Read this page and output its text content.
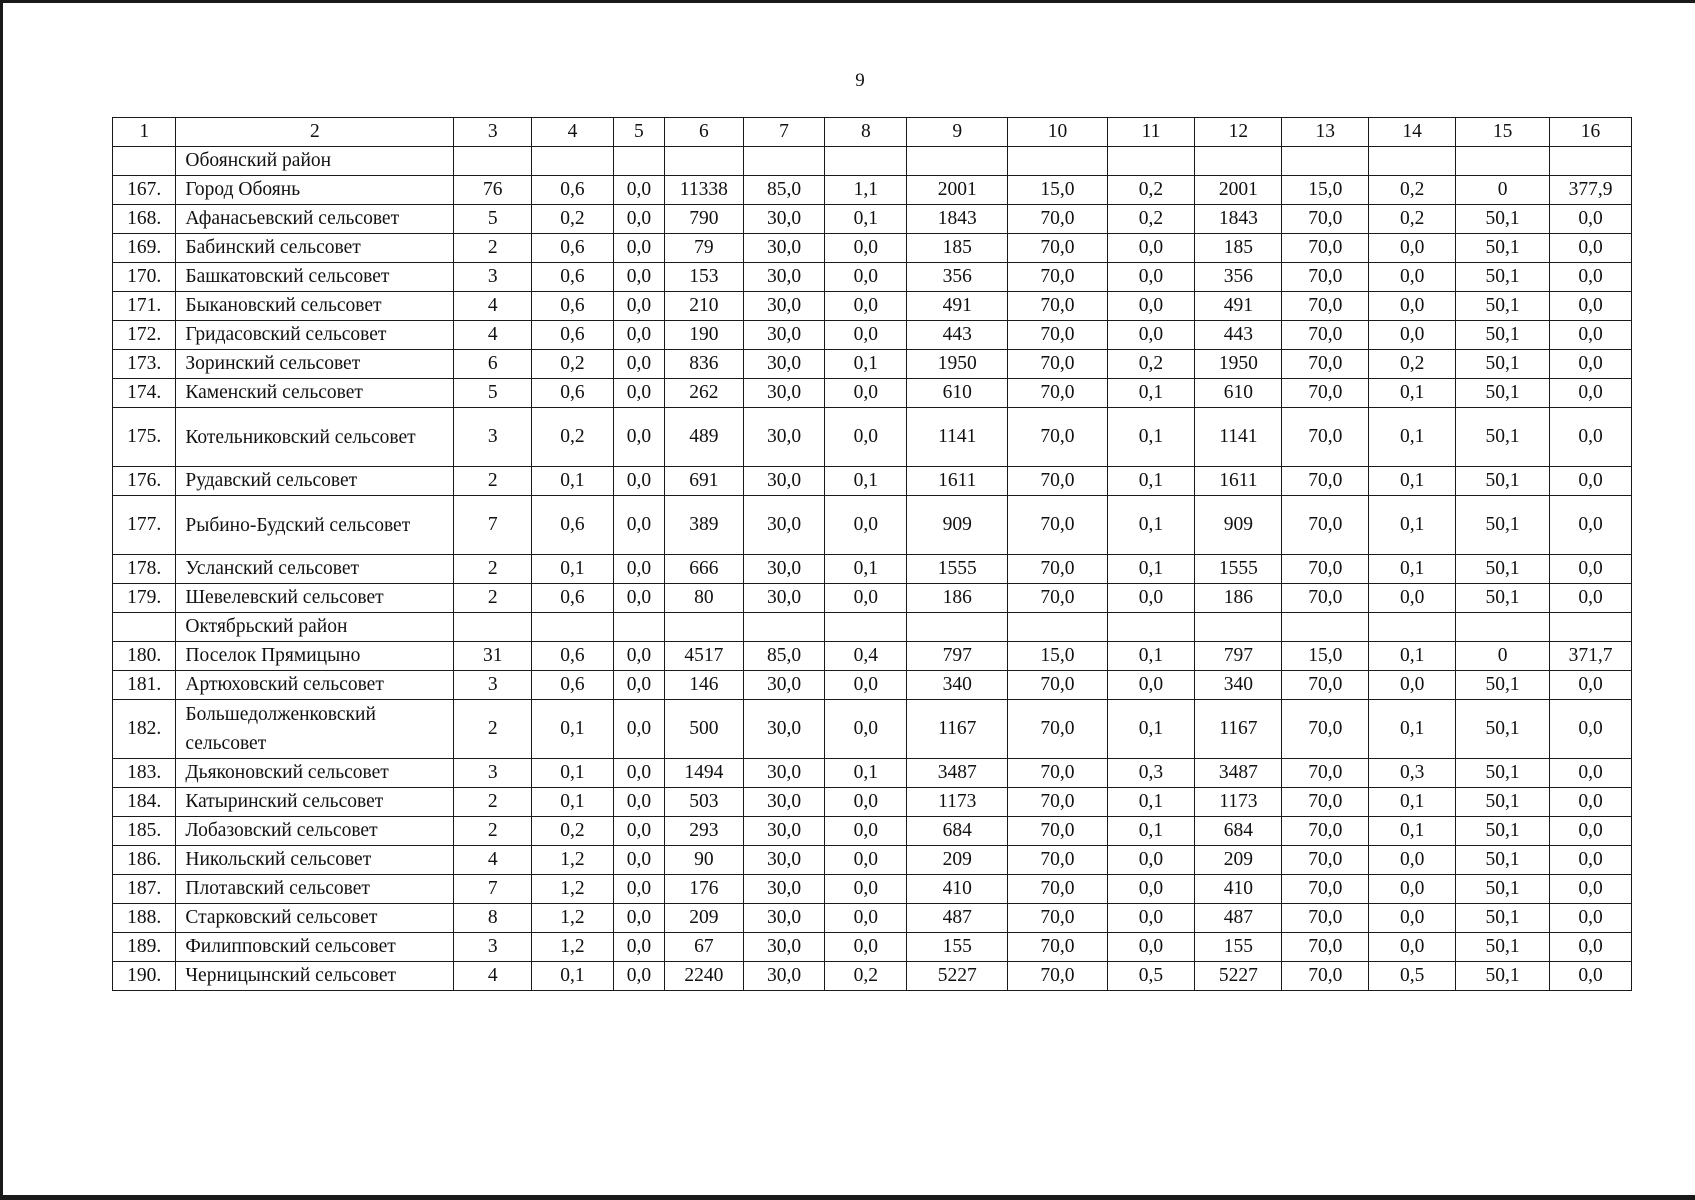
9
1	2	3	4	5	6	7	8	9	10	11	12	13	14	15	16
	Обоянский район														
167.	Город Обоянь	76	0,6	0,0	11338	85,0	1,1	2001	15,0	0,2	2001	15,0	0,2	0	377,9
168.	Афанасьевский сельсовет	5	0,2	0,0	790	30,0	0,1	1843	70,0	0,2	1843	70,0	0,2	50,1	0,0
169.	Бабинский сельсовет	2	0,6	0,0	79	30,0	0,0	185	70,0	0,0	185	70,0	0,0	50,1	0,0
170.	Башкатовский сельсовет	3	0,6	0,0	153	30,0	0,0	356	70,0	0,0	356	70,0	0,0	50,1	0,0
171.	Быкановский сельсовет	4	0,6	0,0	210	30,0	0,0	491	70,0	0,0	491	70,0	0,0	50,1	0,0
172.	Гридасовский сельсовет	4	0,6	0,0	190	30,0	0,0	443	70,0	0,0	443	70,0	0,0	50,1	0,0
173.	Зоринский сельсовет	6	0,2	0,0	836	30,0	0,1	1950	70,0	0,2	1950	70,0	0,2	50,1	0,0
174.	Каменский сельсовет	5	0,6	0,0	262	30,0	0,0	610	70,0	0,1	610	70,0	0,1	50,1	0,0
175.	Котельниковский сельсовет	3	0,2	0,0	489	30,0	0,0	1141	70,0	0,1	1141	70,0	0,1	50,1	0,0
176.	Рудавский сельсовет	2	0,1	0,0	691	30,0	0,1	1611	70,0	0,1	1611	70,0	0,1	50,1	0,0
177.	Рыбино-Будский сельсовет	7	0,6	0,0	389	30,0	0,0	909	70,0	0,1	909	70,0	0,1	50,1	0,0
178.	Усланский сельсовет	2	0,1	0,0	666	30,0	0,1	1555	70,0	0,1	1555	70,0	0,1	50,1	0,0
179.	Шевелевский сельсовет	2	0,6	0,0	80	30,0	0,0	186	70,0	0,0	186	70,0	0,0	50,1	0,0
	Октябрьский район														
180.	Поселок Прямицыно	31	0,6	0,0	4517	85,0	0,4	797	15,0	0,1	797	15,0	0,1	0	371,7
181.	Артюховский сельсовет	3	0,6	0,0	146	30,0	0,0	340	70,0	0,0	340	70,0	0,0	50,1	0,0
182.	Большедолженковский сельсовет	2	0,1	0,0	500	30,0	0,0	1167	70,0	0,1	1167	70,0	0,1	50,1	0,0
183.	Дьяконовский сельсовет	3	0,1	0,0	1494	30,0	0,1	3487	70,0	0,3	3487	70,0	0,3	50,1	0,0
184.	Катыринский сельсовет	2	0,1	0,0	503	30,0	0,0	1173	70,0	0,1	1173	70,0	0,1	50,1	0,0
185.	Лобазовский сельсовет	2	0,2	0,0	293	30,0	0,0	684	70,0	0,1	684	70,0	0,1	50,1	0,0
186.	Никольский сельсовет	4	1,2	0,0	90	30,0	0,0	209	70,0	0,0	209	70,0	0,0	50,1	0,0
187.	Плотавский сельсовет	7	1,2	0,0	176	30,0	0,0	410	70,0	0,0	410	70,0	0,0	50,1	0,0
188.	Старковский сельсовет	8	1,2	0,0	209	30,0	0,0	487	70,0	0,0	487	70,0	0,0	50,1	0,0
189.	Филипповский сельсовет	3	1,2	0,0	67	30,0	0,0	155	70,0	0,0	155	70,0	0,0	50,1	0,0
190.	Черницынский сельсовет	4	0,1	0,0	2240	30,0	0,2	5227	70,0	0,5	5227	70,0	0,5	50,1	0,0
